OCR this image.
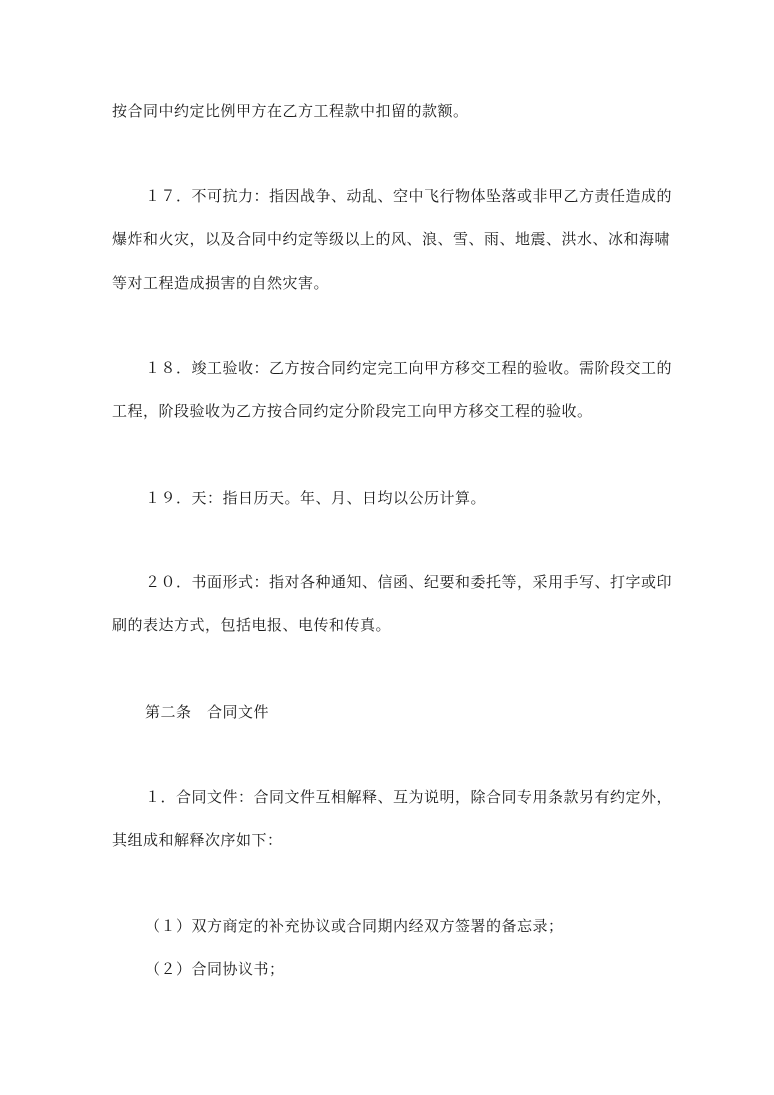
按合同中约定比例甲方在乙方工程款中扣留的款额。
１７．不可抗力：指因战争、动乱、空中飞行物体坠落或非甲乙方责任造成的
爆炸和火灾，以及合同中约定等级以上的风、浪、雪、雨、地震、洪水、冰和海啸
等对工程造成损害的自然灾害。
１８．竣工验收：乙方按合同约定完工向甲方移交工程的验收。需阶段交工的
工程，阶段验收为乙方按合同约定分阶段完工向甲方移交工程的验收。
１９．天：指日历天。年、月、日均以公历计算。
２０．书面形式：指对各种通知、信函、纪要和委托等，采用手写、打字或印
刷的表达方式，包括电报、电传和传真。
第二条　合同文件
１．合同文件：合同文件互相解释、互为说明，除合同专用条款另有约定外，
其组成和解释次序如下：
（１）双方商定的补充协议或合同期内经双方签署的备忘录；
（２）合同协议书；
